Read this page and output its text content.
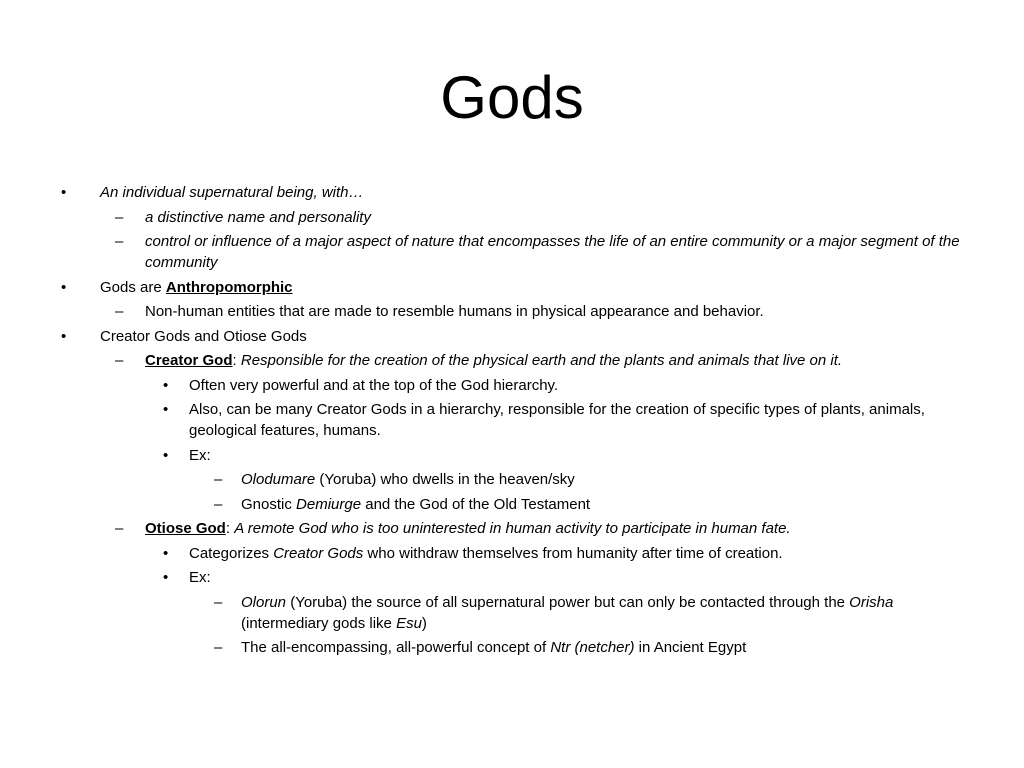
Gods
• An individual supernatural being, with…
– a distinctive name and personality
– control or influence of a major aspect of nature that encompasses the life of an entire community or a major segment of the community
• Gods are Anthropomorphic
– Non-human entities that are made to resemble humans in physical appearance and behavior.
• Creator Gods and Otiose Gods
– Creator God: Responsible for the creation of the physical earth and the plants and animals that live on it.
• Often very powerful and at the top of the God hierarchy.
• Also, can be many Creator Gods in a hierarchy, responsible for the creation of specific types of plants, animals, geological features, humans.
• Ex:
– Olodumare (Yoruba) who dwells in the heaven/sky
– Gnostic Demiurge and the God of the Old Testament
– Otiose God: A remote God who is too uninterested in human activity to participate in human fate.
• Categorizes Creator Gods who withdraw themselves from humanity after time of creation.
• Ex:
– Olorun (Yoruba) the source of all supernatural power but can only be contacted through the Orisha (intermediary gods like Esu)
– The all-encompassing, all-powerful concept of Ntr (netcher) in Ancient Egypt
